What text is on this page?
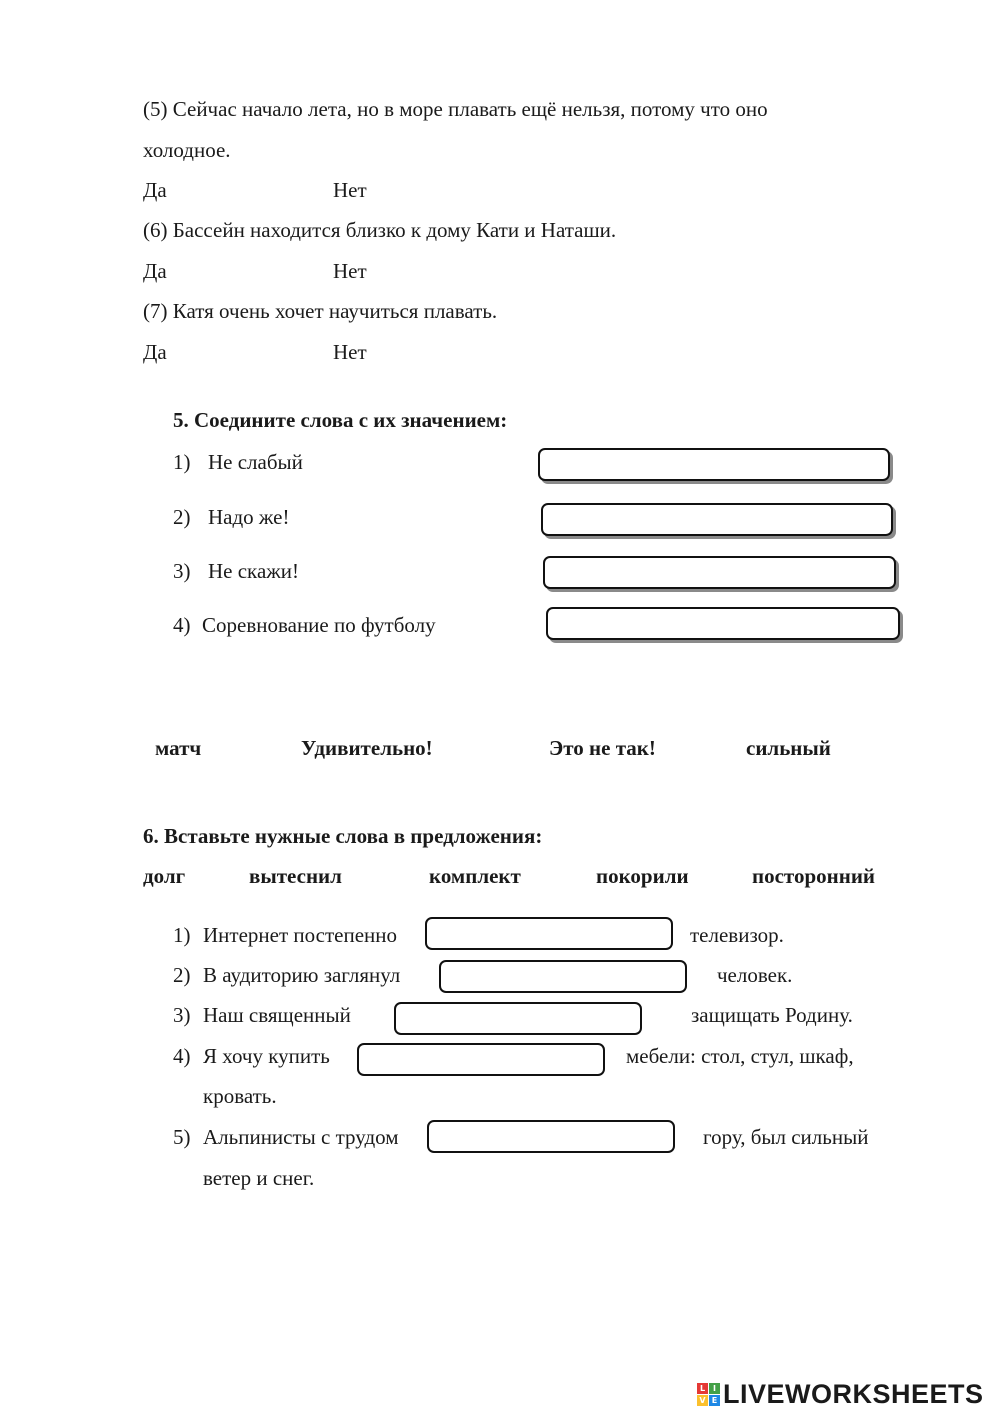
(5) Сейчас начало лета, но в море плавать ещё нельзя, потому что оно
холодное.
Да	Нет
(6) Бассейн находится близко к дому Кати и Наташи.
Да	Нет
(7) Катя очень хочет научиться плавать.
Да	Нет
5. Соедините слова с их значением:
1) Не слабый
2) Надо же!
3) Не скажи!
4) Соревнование по футболу
матч	Удивительно!	Это не так!	сильный
6. Вставьте нужные слова в предложения:
долг	вытеснил	комплект	покорили	посторонний
1) Интернет постепенно	телевизор.
2) В аудиторию заглянул	человек.
3) Наш священный	защищать Родину.
4) Я хочу купить	мебели: стол, стул, шкаф,
кровать.
5) Альпинисты с трудом	гору, был сильный
ветер и снег.
L I
V E LIVEWORKSHEETS
